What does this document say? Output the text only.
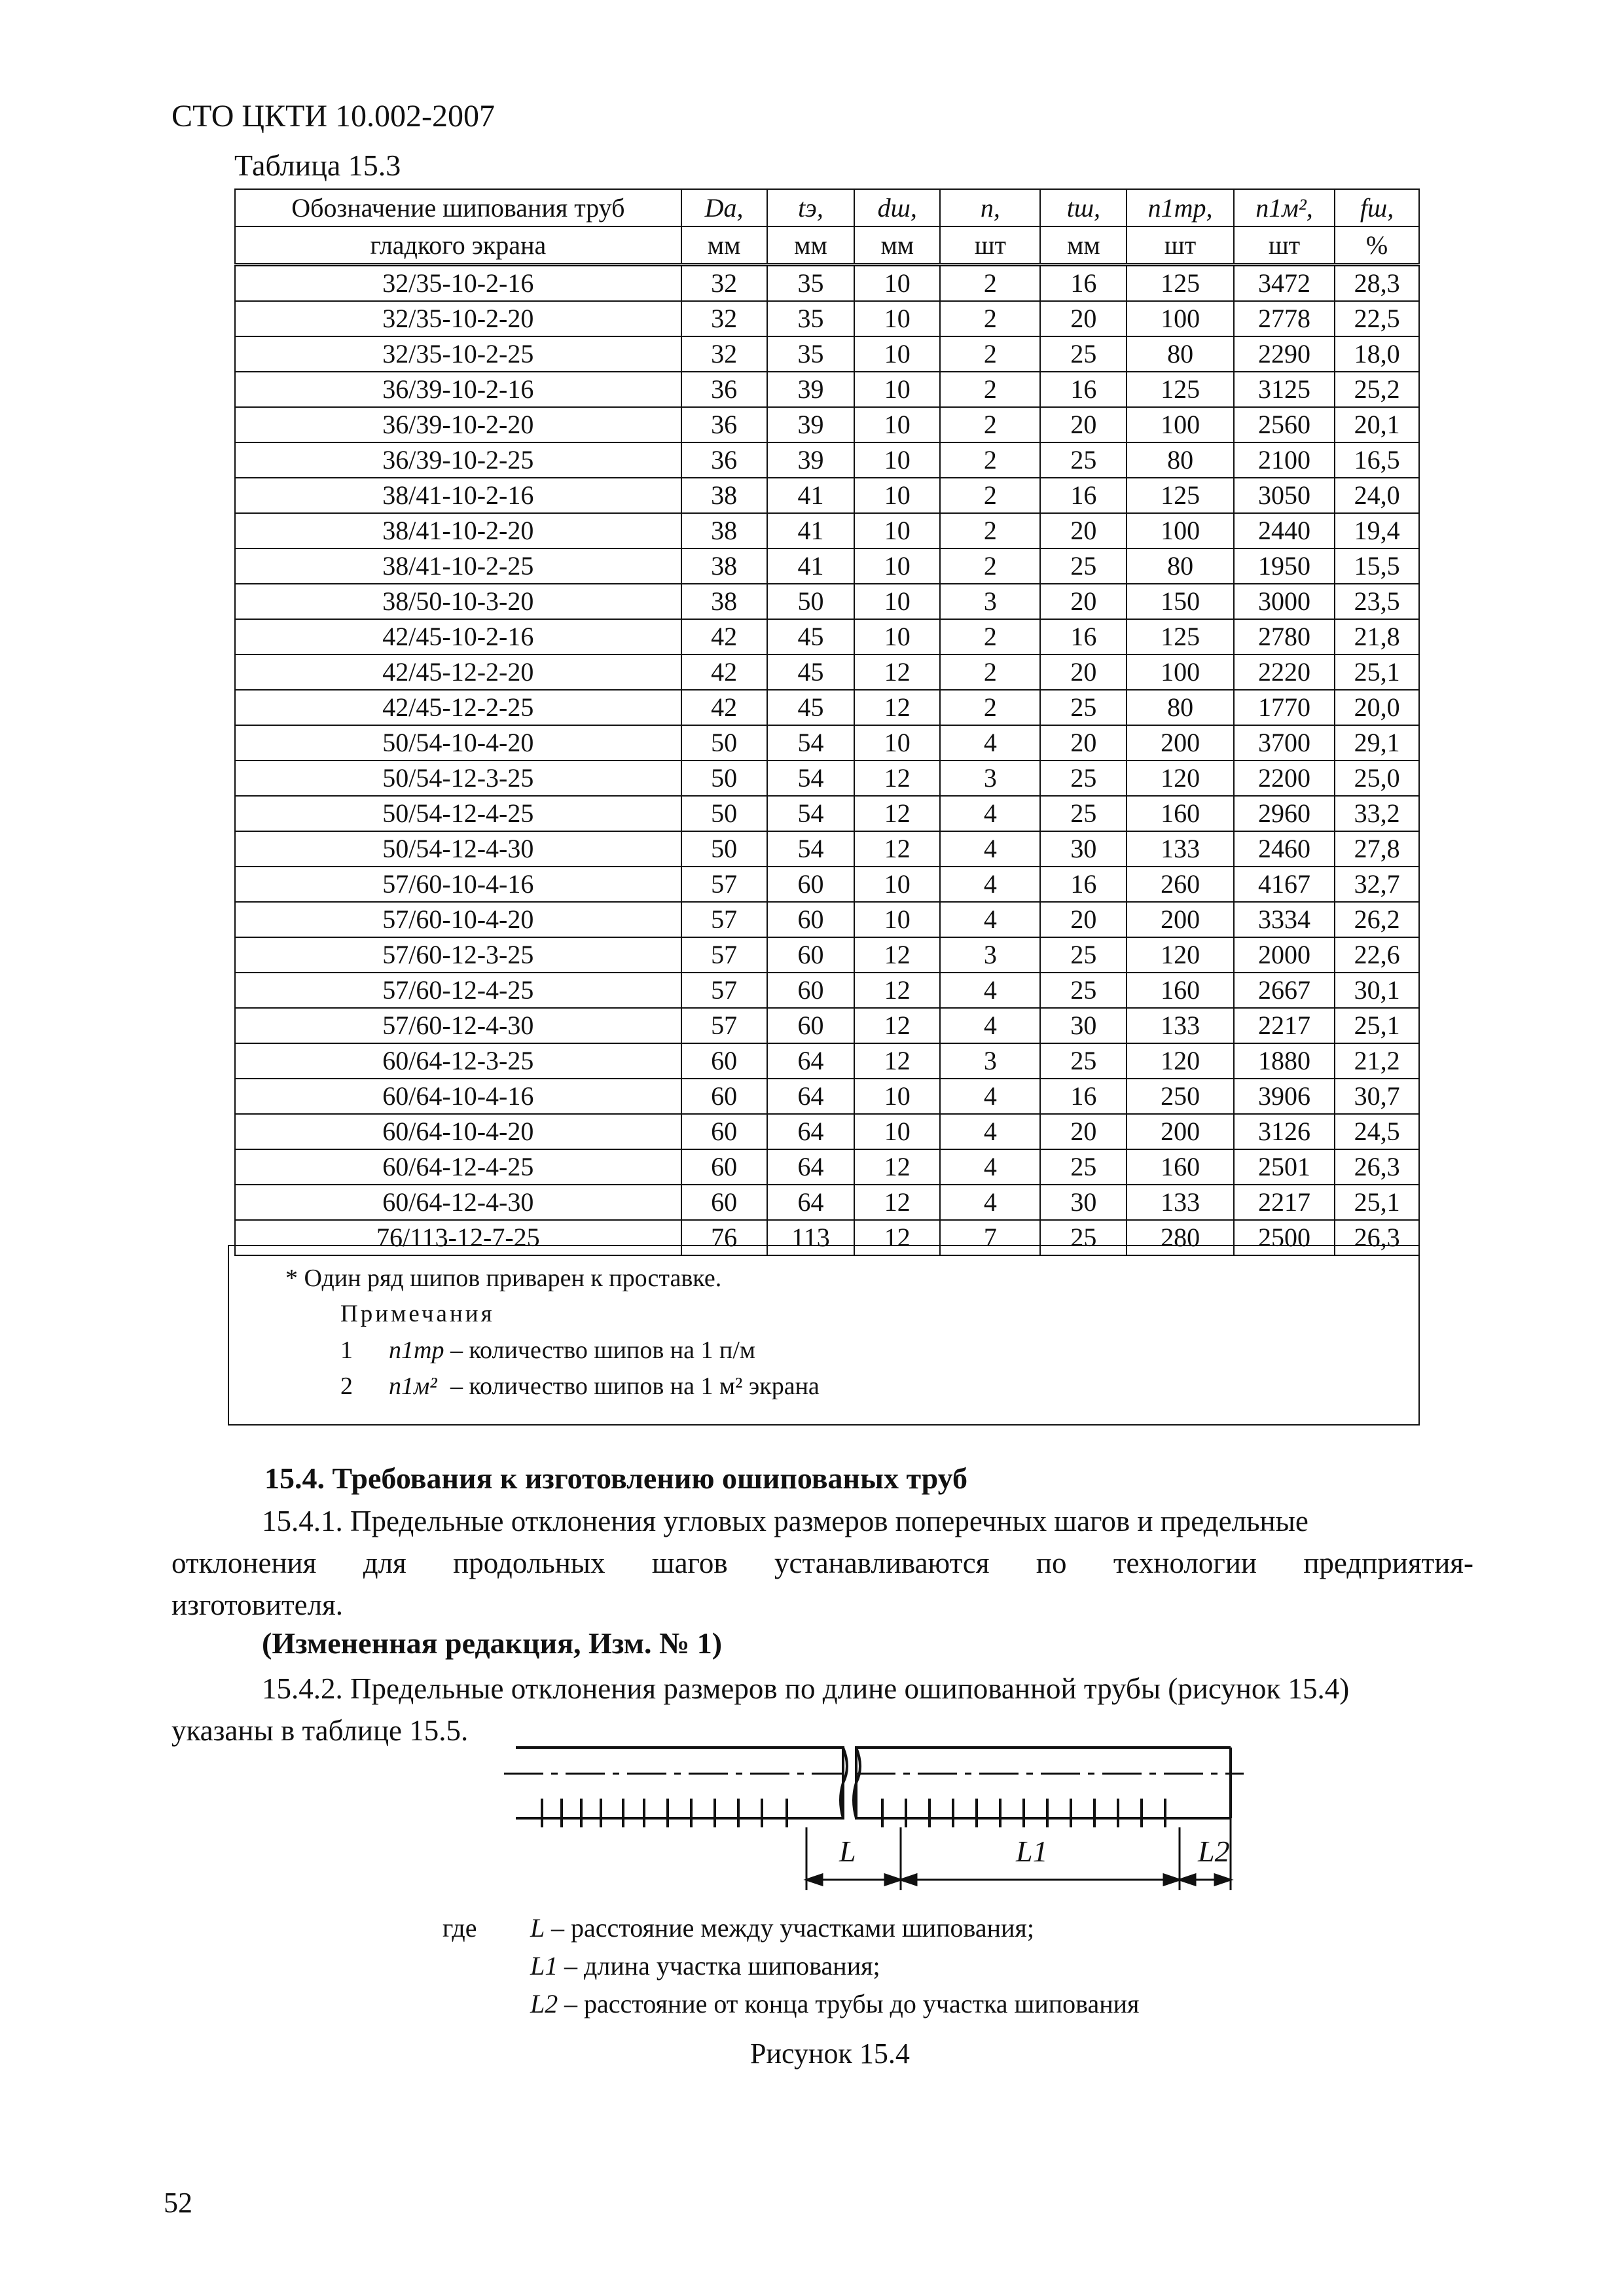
СТО ЦКТИ 10.002-2007
Таблица 15.3
Обозначение шипования труб	Da,	tэ,	dш,	n,	tш,	n1тр,	n1м²,	fш,
гладкого экрана	мм	мм	мм	шт	мм	шт	шт	%
32/35-10-2-16	32	35	10	2	16	125	3472	28,3
32/35-10-2-20	32	35	10	2	20	100	2778	22,5
32/35-10-2-25	32	35	10	2	25	80	2290	18,0
36/39-10-2-16	36	39	10	2	16	125	3125	25,2
36/39-10-2-20	36	39	10	2	20	100	2560	20,1
36/39-10-2-25	36	39	10	2	25	80	2100	16,5
38/41-10-2-16	38	41	10	2	16	125	3050	24,0
38/41-10-2-20	38	41	10	2	20	100	2440	19,4
38/41-10-2-25	38	41	10	2	25	80	1950	15,5
38/50-10-3-20	38	50	10	3	20	150	3000	23,5
42/45-10-2-16	42	45	10	2	16	125	2780	21,8
42/45-12-2-20	42	45	12	2	20	100	2220	25,1
42/45-12-2-25	42	45	12	2	25	80	1770	20,0
50/54-10-4-20	50	54	10	4	20	200	3700	29,1
50/54-12-3-25	50	54	12	3	25	120	2200	25,0
50/54-12-4-25	50	54	12	4	25	160	2960	33,2
50/54-12-4-30	50	54	12	4	30	133	2460	27,8
57/60-10-4-16	57	60	10	4	16	260	4167	32,7
57/60-10-4-20	57	60	10	4	20	200	3334	26,2
57/60-12-3-25	57	60	12	3	25	120	2000	22,6
57/60-12-4-25	57	60	12	4	25	160	2667	30,1
57/60-12-4-30	57	60	12	4	30	133	2217	25,1
60/64-12-3-25	60	64	12	3	25	120	1880	21,2
60/64-10-4-16	60	64	10	4	16	250	3906	30,7
60/64-10-4-20	60	64	10	4	20	200	3126	24,5
60/64-12-4-25	60	64	12	4	25	160	2501	26,3
60/64-12-4-30	60	64	12	4	30	133	2217	25,1
76/113-12-7-25	76	113	12	7	25	280	2500	26,3
* Один ряд шипов приварен к проставке.
Примечания
1 n1тр – количество шипов на 1 п/м
2 n1м² – количество шипов на 1 м² экрана
15.4. Требования к изготовлению ошипованых труб
15.4.1. Предельные отклонения угловых размеров поперечных шагов и предельные
отклонения для продольных шагов устанавливаются по технологии предприятия-
изготовителя.
(Измененная редакция, Изм. № 1)
15.4.2. Предельные отклонения размеров по длине ошипованной трубы (рисунок 15.4)
указаны в таблице 15.5.
L	L1	L2
где L – расстояние между участками шипования;
L1 – длина участка шипования;
L2 – расстояние от конца трубы до участка шипования
Рисунок 15.4
52
